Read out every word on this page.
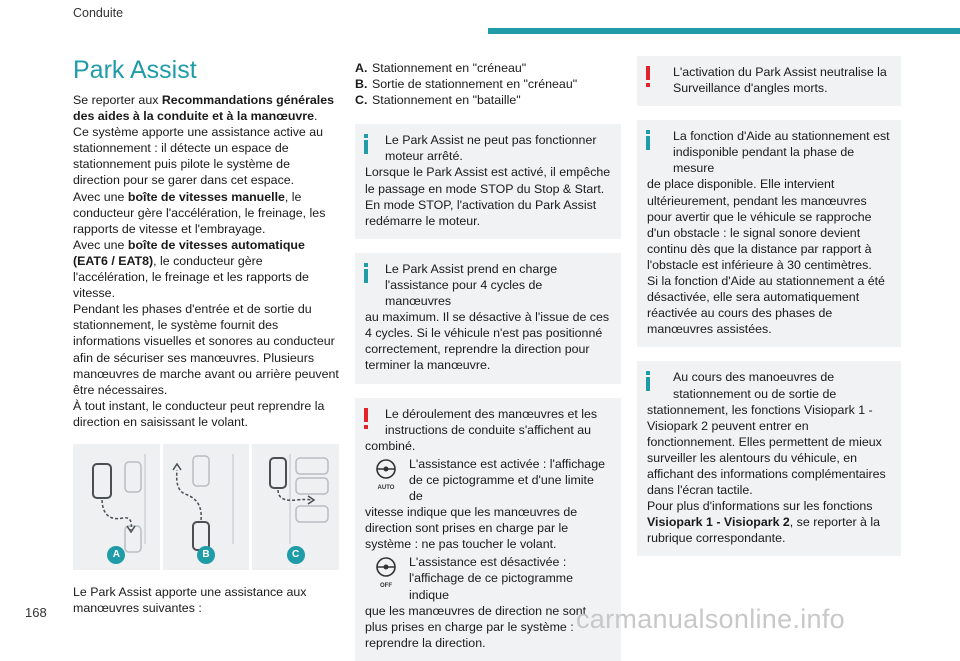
Conduite
Park Assist

Se reporter aux Recommandations générales des aides à la conduite et à la manœuvre.

Ce système apporte une assistance active au stationnement : il détecte un espace de stationnement puis pilote le système de direction pour se garer dans cet espace.

Avec une boîte de vitesses manuelle, le conducteur gère l'accélération, le freinage, les rapports de vitesse et l'embrayage.

Avec une boîte de vitesses automatique (EAT6 / EAT8), le conducteur gère l'accélération, le freinage et les rapports de vitesse.

Pendant les phases d'entrée et de sortie du stationnement, le système fournit des informations visuelles et sonores au conducteur afin de sécuriser ses manœuvres. Plusieurs manœuvres de marche avant ou arrière peuvent être nécessaires.

À tout instant, le conducteur peut reprendre la direction en saisissant le volant.

A	B	C

Le Park Assist apporte une assistance aux manœuvres suivantes :

A. Stationnement en "créneau"
B. Sortie de stationnement en "créneau"
C. Stationnement en "bataille"
Le Park Assist ne peut pas fonctionner moteur arrêté.
Lorsque le Park Assist est activé, il empêche le passage en mode STOP du Stop & Start. En mode STOP, l'activation du Park Assist redémarre le moteur.
Le Park Assist prend en charge l'assistance pour 4 cycles de manœuvres
au maximum. Il se désactive à l'issue de ces 4 cycles. Si le véhicule n'est pas positionné correctement, reprendre la direction pour terminer la manœuvre.
Le déroulement des manœuvres et les instructions de conduite s'affichent au
combiné.
AUTO
L'assistance est activée : l'affichage de ce pictogramme et d'une limite de
vitesse indique que les manœuvres de direction sont prises en charge par le système : ne pas toucher le volant.
OFF
L'assistance est désactivée : l'affichage de ce pictogramme indique
que les manœuvres de direction ne sont plus prises en charge par le système : reprendre la direction.
L'activation du Park Assist neutralise la Surveillance d'angles morts.
La fonction d'Aide au stationnement est indisponible pendant la phase de mesure
de place disponible. Elle intervient ultérieurement, pendant les manœuvres pour avertir que le véhicule se rapproche d'un obstacle : le signal sonore devient continu dès que la distance par rapport à l'obstacle est inférieure à 30 centimètres.
Si la fonction d'Aide au stationnement a été désactivée, elle sera automatiquement réactivée au cours des phases de manœuvres assistées.
Au cours des manoeuvres de stationnement ou de sortie de
stationnement, les fonctions Visiopark 1 - Visiopark 2 peuvent entrer en fonctionnement. Elles permettent de mieux surveiller les alentours du véhicule, en affichant des informations complémentaires dans l'écran tactile.
Pour plus d'informations sur les fonctions Visiopark 1 - Visiopark 2, se reporter à la rubrique correspondante.
168	carmanualsonline.info
